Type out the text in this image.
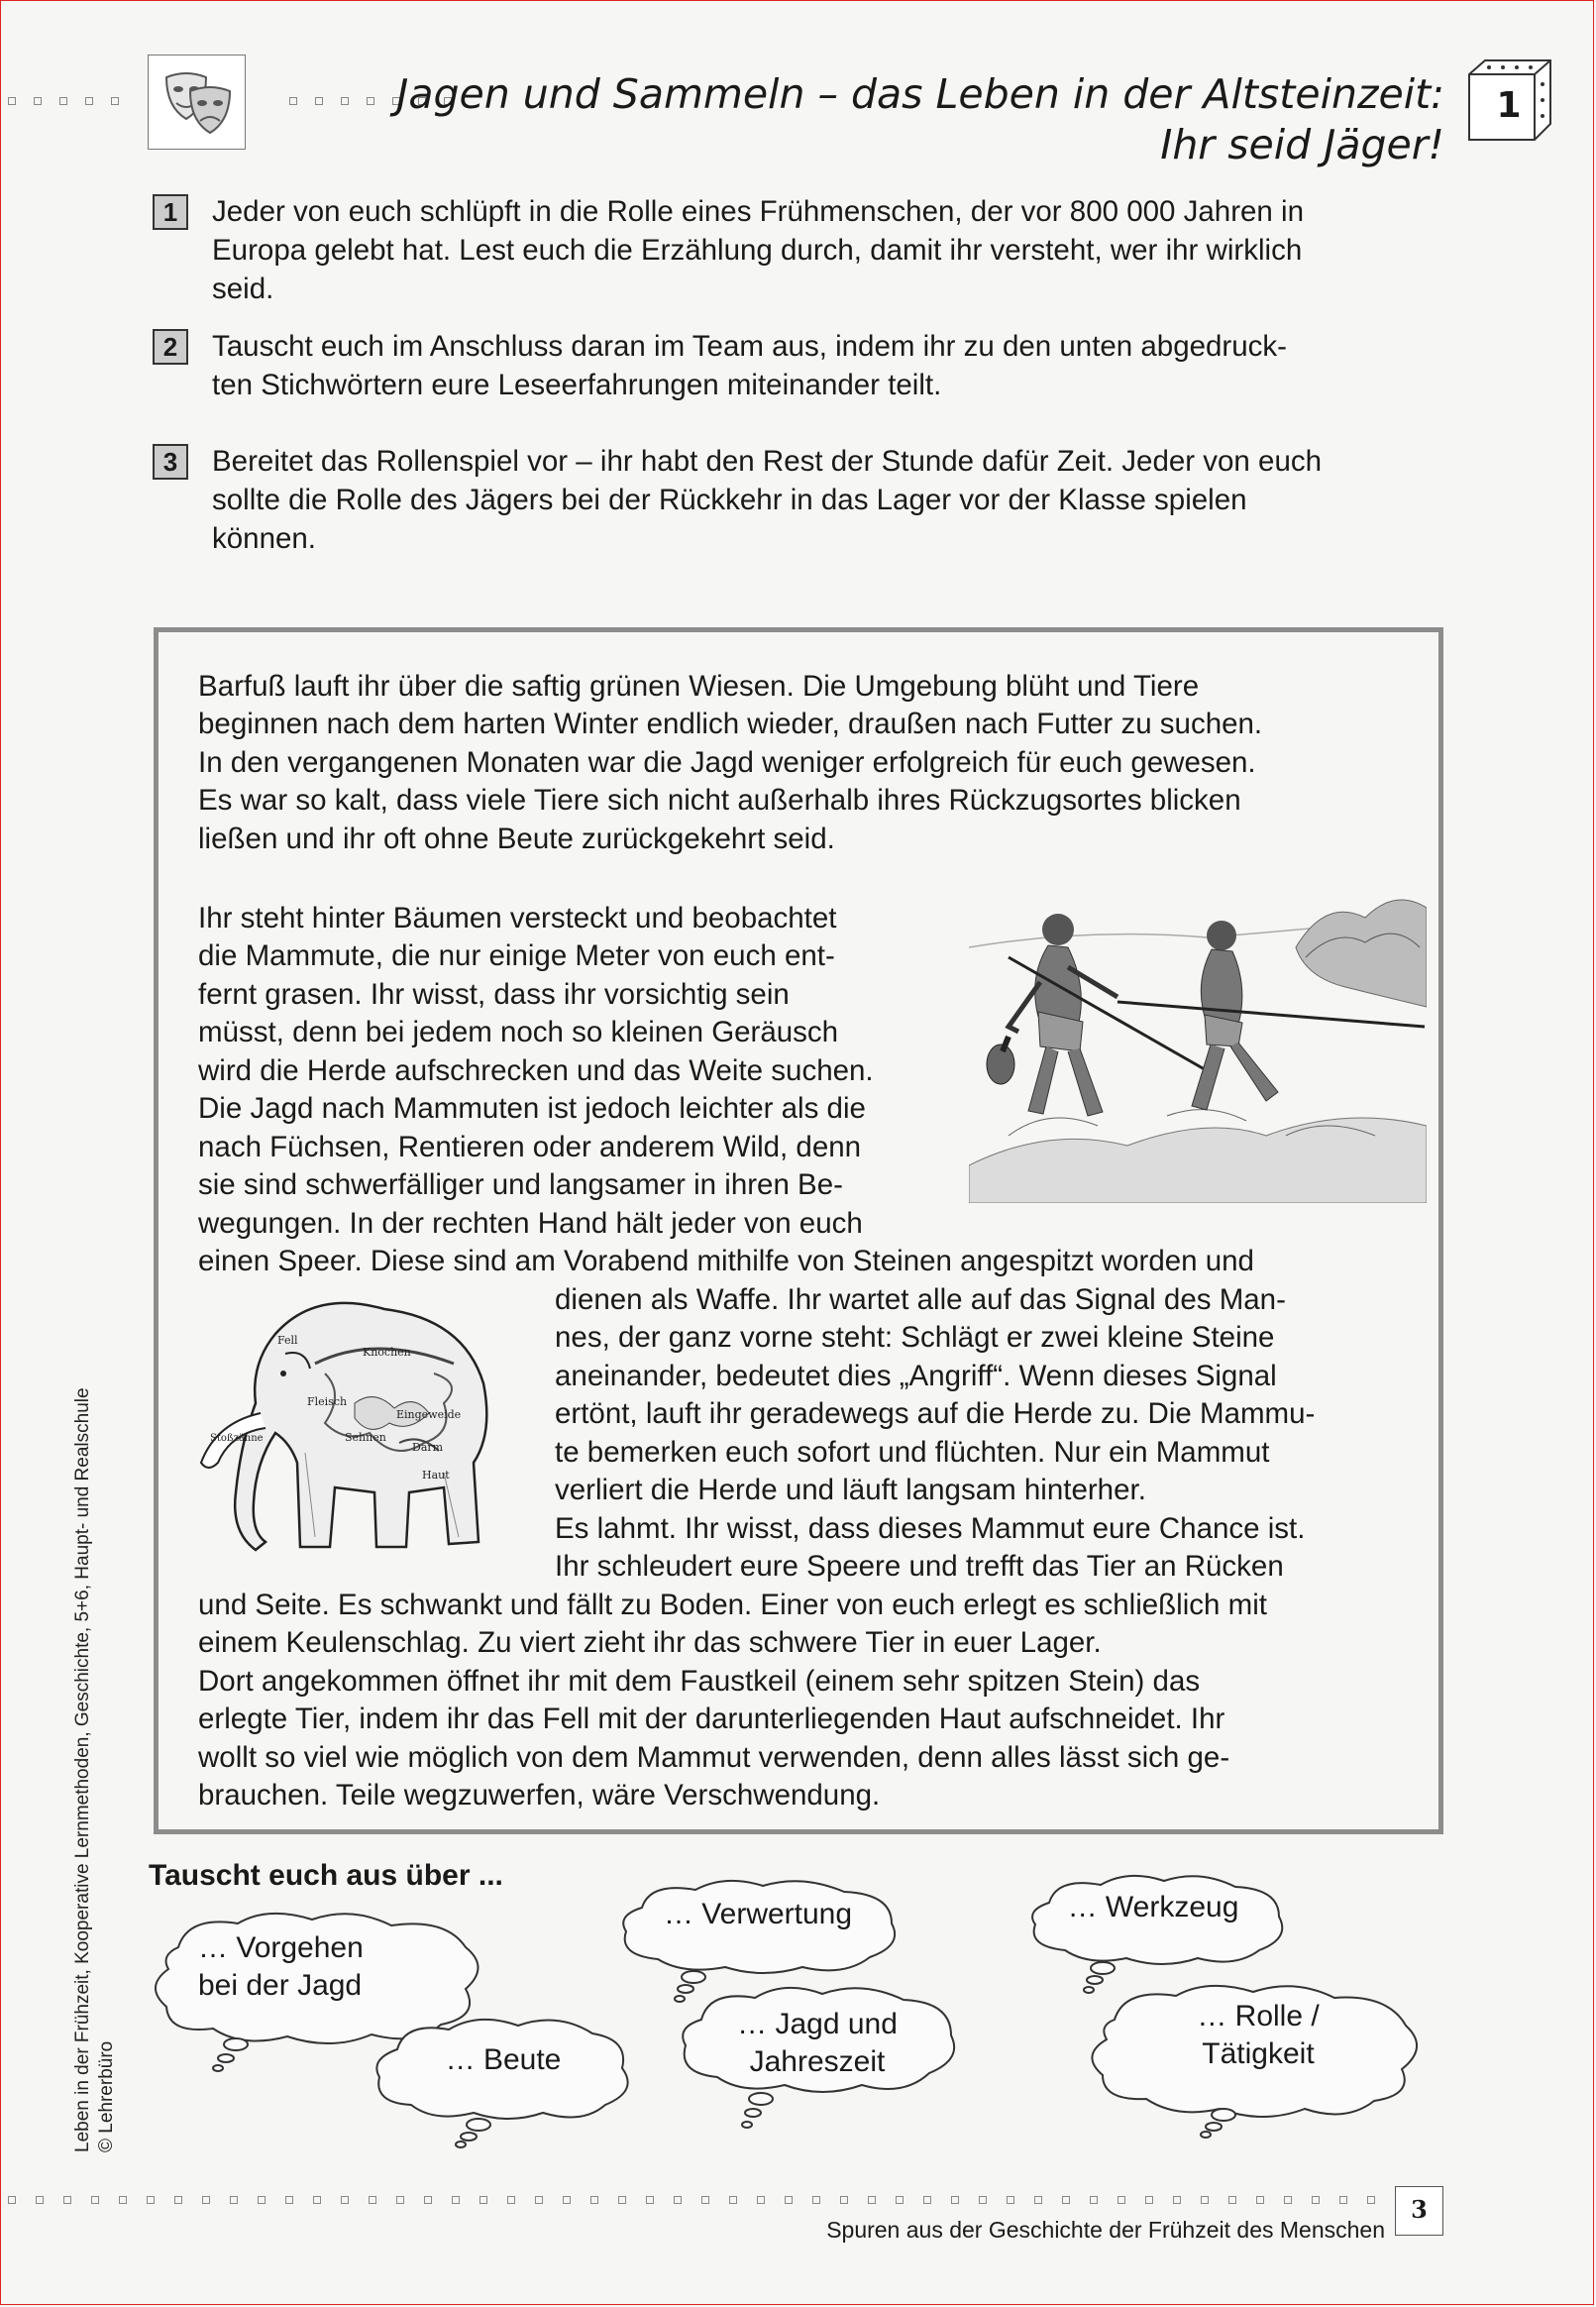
Jagen und Sammeln – das Leben in der Altsteinzeit:
Ihr seid Jäger!
1
1	Jeder von euch schlüpft in die Rolle eines Frühmenschen, der vor 800 000 Jahren in
Europa gelebt hat. Lest euch die Erzählung durch, damit ihr versteht, wer ihr wirklich
seid.
2	Tauscht euch im Anschluss daran im Team aus, indem ihr zu den unten abgedruck-
ten Stichwörtern eure Leseerfahrungen miteinander teilt.
3	Bereitet das Rollenspiel vor – ihr habt den Rest der Stunde dafür Zeit. Jeder von euch
sollte die Rolle des Jägers bei der Rückkehr in das Lager vor der Klasse spielen
können.
Barfuß lauft ihr über die saftig grünen Wiesen. Die Umgebung blüht und Tiere
beginnen nach dem harten Winter endlich wieder, draußen nach Futter zu suchen.
In den vergangenen Monaten war die Jagd weniger erfolgreich für euch gewesen.
Es war so kalt, dass viele Tiere sich nicht außerhalb ihres Rückzugsortes blicken
ließen und ihr oft ohne Beute zurückgekehrt seid.
Ihr steht hinter Bäumen versteckt und beobachtet
die Mammute, die nur einige Meter von euch ent-
fernt grasen. Ihr wisst, dass ihr vorsichtig sein
müsst, denn bei jedem noch so kleinen Geräusch
wird die Herde aufschrecken und das Weite suchen.
Die Jagd nach Mammuten ist jedoch leichter als die
nach Füchsen, Rentieren oder anderem Wild, denn
sie sind schwerfälliger und langsamer in ihren Be-
wegungen. In der rechten Hand hält jeder von euch
einen Speer. Diese sind am Vorabend mithilfe von Steinen angespitzt worden und
Fell
Knochen
Fleisch
Eingeweide
Stoßzähne	Sehnen
Darm
Haut
dienen als Waffe. Ihr wartet alle auf das Signal des Man-
nes, der ganz vorne steht: Schlägt er zwei kleine Steine
aneinander, bedeutet dies „Angriff“. Wenn dieses Signal
ertönt, lauft ihr geradewegs auf die Herde zu. Die Mammu-
te bemerken euch sofort und flüchten. Nur ein Mammut
verliert die Herde und läuft langsam hinterher.
Es lahmt. Ihr wisst, dass dieses Mammut eure Chance ist.
Ihr schleudert eure Speere und trefft das Tier an Rücken
und Seite. Es schwankt und fällt zu Boden. Einer von euch erlegt es schließlich mit
einem Keulenschlag. Zu viert zieht ihr das schwere Tier in euer Lager.
Dort angekommen öffnet ihr mit dem Faustkeil (einem sehr spitzen Stein) das
erlegte Tier, indem ihr das Fell mit der darunterliegenden Haut aufschneidet. Ihr
wollt so viel wie möglich von dem Mammut verwenden, denn alles lässt sich ge-
brauchen. Teile wegzuwerfen, wäre Verschwendung.
Tauscht euch aus über ...
… Vorgehen
bei der Jagd
… Beute
… Verwertung
… Jagd und
Jahreszeit
… Werkzeug
… Rolle /
Tätigkeit
Leben in der Frühzeit, Kooperative Lernmethoden, Geschichte, 5+6, Haupt- und Realschule © Lehrerbüro
3
Spuren aus der Geschichte der Frühzeit des Menschen
